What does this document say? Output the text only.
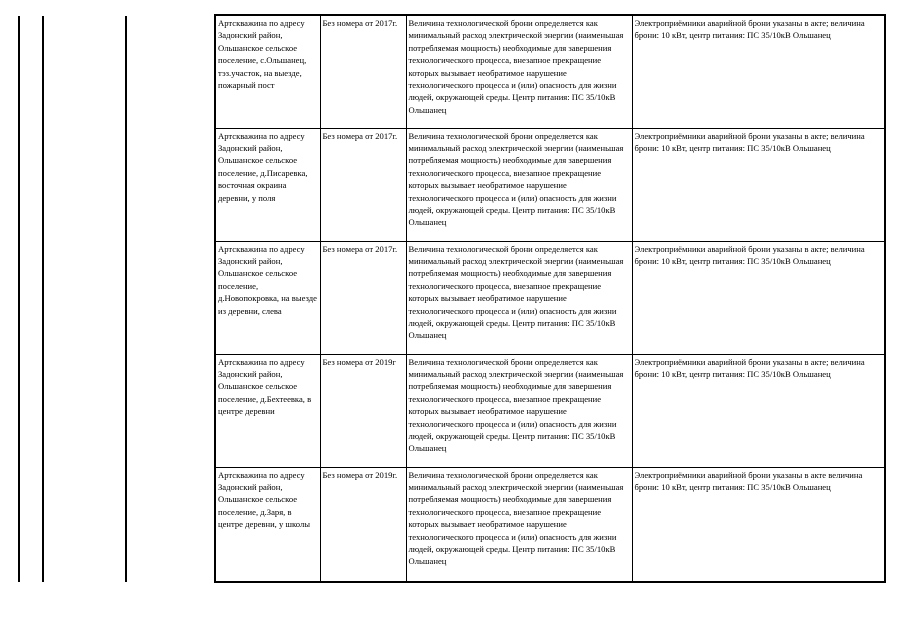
Артскважина по адресу Задонский район, Ольшанское сельское поселение, с.Ольшанец, тэз.участок, на выезде, пожарный пост	Без номера от 2017г.	Величина технологической брони определяется как минимальный расход электрической энергии (наименьшая потребляемая мощность) необходимые для завершения технологического процесса, внезапное прекращение которых вызывает необратимое нарушение технологического процесса и (или) опасность для жизни людей, окружающей среды. Центр питания: ПС 35/10кВ Ольшанец	Электроприёмники аварийной брони указаны в акте; величина брони: 10 кВт, центр питания: ПС 35/10кВ Ольшанец
Артскважина по адресу Задонский район, Ольшанское сельское поселение, д.Писаревка, восточная окраина деревни, у поля	Без номера от 2017г.	Величина технологической брони определяется как минимальный расход электрической энергии (наименьшая потребляемая мощность) необходимые для завершения технологического процесса, внезапное прекращение которых вызывает необратимое нарушение технологического процесса и (или) опасность для жизни людей, окружающей среды. Центр питания: ПС 35/10кВ Ольшанец	Электроприёмники аварийной брони указаны в акте; величина брони: 10 кВт, центр питания: ПС 35/10кВ Ольшанец
Артскважина по адресу Задонский район, Ольшанское сельское поселение, д.Новопокровка, на выезде из деревни, слева	Без номера от 2017г.	Величина технологической брони определяется как минимальный расход электрической энергии (наименьшая потребляемая мощность) необходимые для завершения технологического процесса, внезапное прекращение которых вызывает необратимое нарушение технологического процесса и (или) опасность для жизни людей, окружающей среды. Центр питания: ПС 35/10кВ Ольшанец	Электроприёмники аварийной брони указаны в акте; величина брони: 10 кВт, центр питания: ПС 35/10кВ Ольшанец
Артскважина по адресу Задонский район, Ольшанское сельское поселение, д.Бехтеевка, в центре деревни	Без номера от 2019г	Величина технологической брони определяется как минимальный расход электрической энергии (наименьшая потребляемая мощность) необходимые для завершения технологического процесса, внезапное прекращение которых вызывает необратимое нарушение технологического процесса и (или) опасность для жизни людей, окружающей среды. Центр питания: ПС 35/10кВ Ольшанец	Электроприёмники аварийной брони указаны в акте; величина брони: 10 кВт, центр питания: ПС 35/10кВ Ольшанец
Артскважина по адресу Задонский район, Ольшанское сельское поселение, д.Заря, в центре деревни, у школы	Без номера от 2019г.	Величина технологической брони определяется как минимальный расход электрической энергии (наименьшая потребляемая мощность) необходимые для завершения технологического процесса, внезапное прекращение которых вызывает необратимое нарушение технологического процесса и (или) опасность для жизни людей, окружающей среды. Центр питания: ПС 35/10кВ Ольшанец	Электроприёмники аварийной брони указаны в акте величина брони: 10 кВт, центр питания: ПС 35/10кВ Ольшанец
